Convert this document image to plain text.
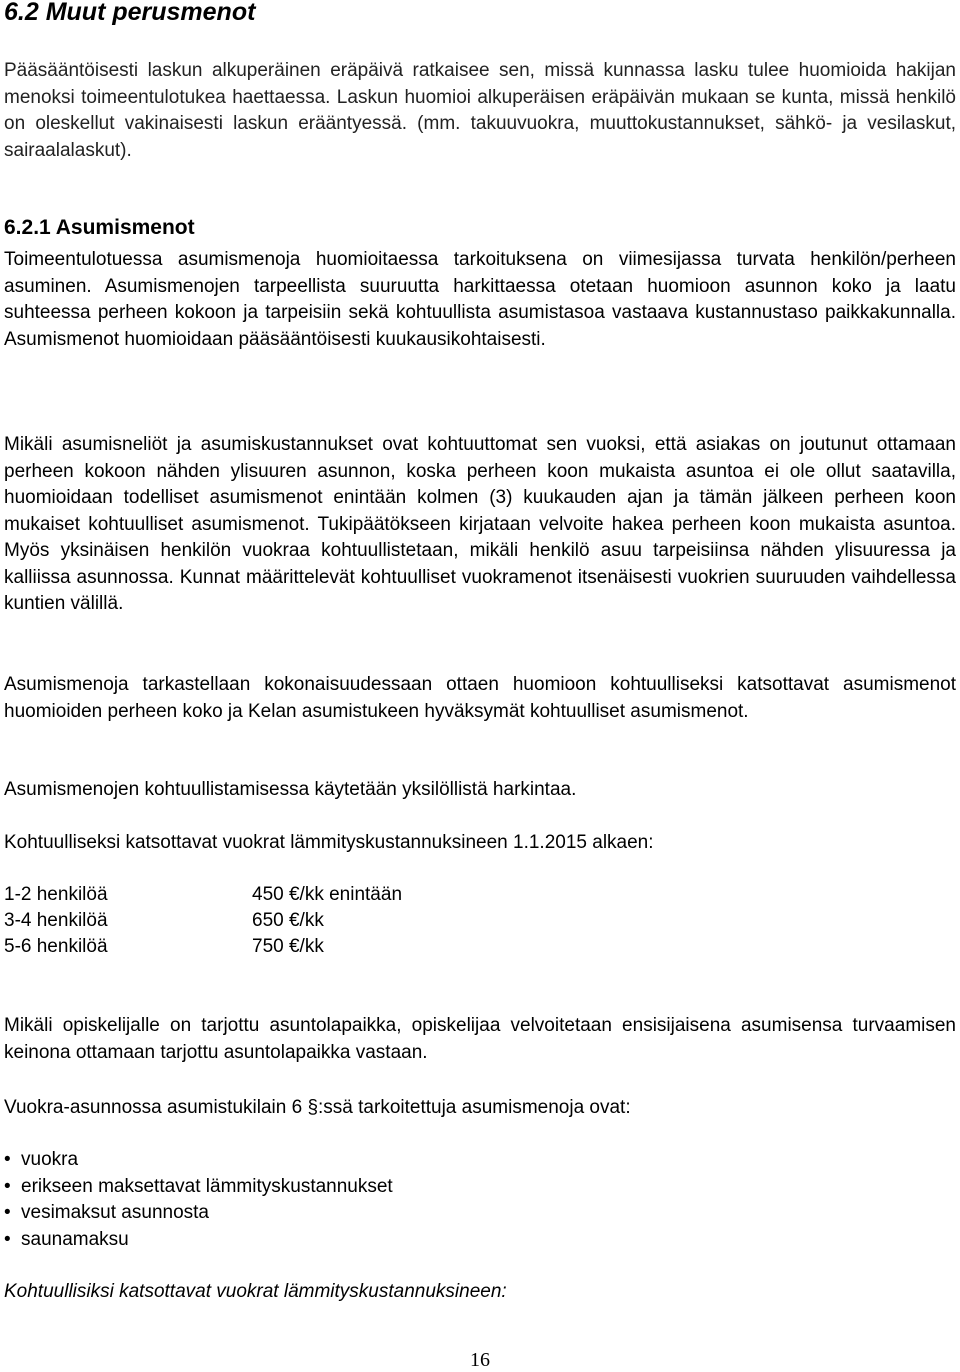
6.2 Muut perusmenot

Pääsääntöisesti laskun alkuperäinen eräpäivä ratkaisee sen, missä kunnassa lasku tulee huomioida hakijan menoksi toimeentulotukea haettaessa. Laskun huomioi alkuperäisen eräpäivän mukaan se kunta, missä henkilö on oleskellut vakinaisesti laskun erääntyessä. (mm. takuuvuokra, muuttokustannukset, sähkö- ja vesilaskut, sairaalalaskut).

6.2.1 Asumismenot

Toimeentulotuessa asumismenoja huomioitaessa tarkoituksena on viimesijassa turvata henkilön/perheen asuminen. Asumismenojen tarpeellista suuruutta harkittaessa otetaan huomioon asunnon koko ja laatu suhteessa perheen kokoon ja tarpeisiin sekä kohtuullista asumistasoa vastaava kustannustaso paikkakunnalla. Asumismenot huomioidaan pääsääntöisesti kuukausikohtaisesti.

Mikäli asumisneliöt ja asumiskustannukset ovat kohtuuttomat sen vuoksi, että asiakas on joutunut ottamaan perheen kokoon nähden ylisuuren asunnon, koska perheen koon mukaista asuntoa ei ole ollut saatavilla, huomioidaan todelliset asumismenot enintään kolmen (3) kuukauden ajan ja tämän jälkeen perheen koon mukaiset kohtuulliset asumismenot. Tukipäätökseen kirjataan velvoite hakea perheen koon mukaista asuntoa. Myös yksinäisen henkilön vuokraa kohtuullistetaan, mikäli henkilö asuu tarpeisiinsa nähden ylisuuressa ja kalliissa asunnossa. Kunnat määrittelevät kohtuulliset vuokramenot itsenäisesti vuokrien suuruuden vaihdellessa kuntien välillä.

Asumismenoja tarkastellaan kokonaisuudessaan ottaen huomioon kohtuulliseksi katsottavat asumismenot huomioiden perheen koko ja Kelan asumistukeen hyväksymät kohtuulliset asumismenot.

Asumismenojen kohtuullistamisessa käytetään yksilöllistä harkintaa.

Kohtuulliseksi katsottavat vuokrat lämmityskustannuksineen 1.1.2015 alkaen:

1-2 henkilöä	450 €/kk enintään
3-4 henkilöä	650 €/kk
5-6 henkilöä	750 €/kk

Mikäli opiskelijalle on tarjottu asuntolapaikka, opiskelijaa velvoitetaan ensisijaisena asumisensa turvaamisen keinona ottamaan tarjottu asuntolapaikka vastaan.

Vuokra-asunnossa asumistukilain 6 §:ssä tarkoitettuja asumismenoja ovat:

• vuokra
• erikseen maksettavat lämmityskustannukset
• vesimaksut asunnosta
• saunamaksu

Kohtuullisiksi katsottavat vuokrat lämmityskustannuksineen:

16
